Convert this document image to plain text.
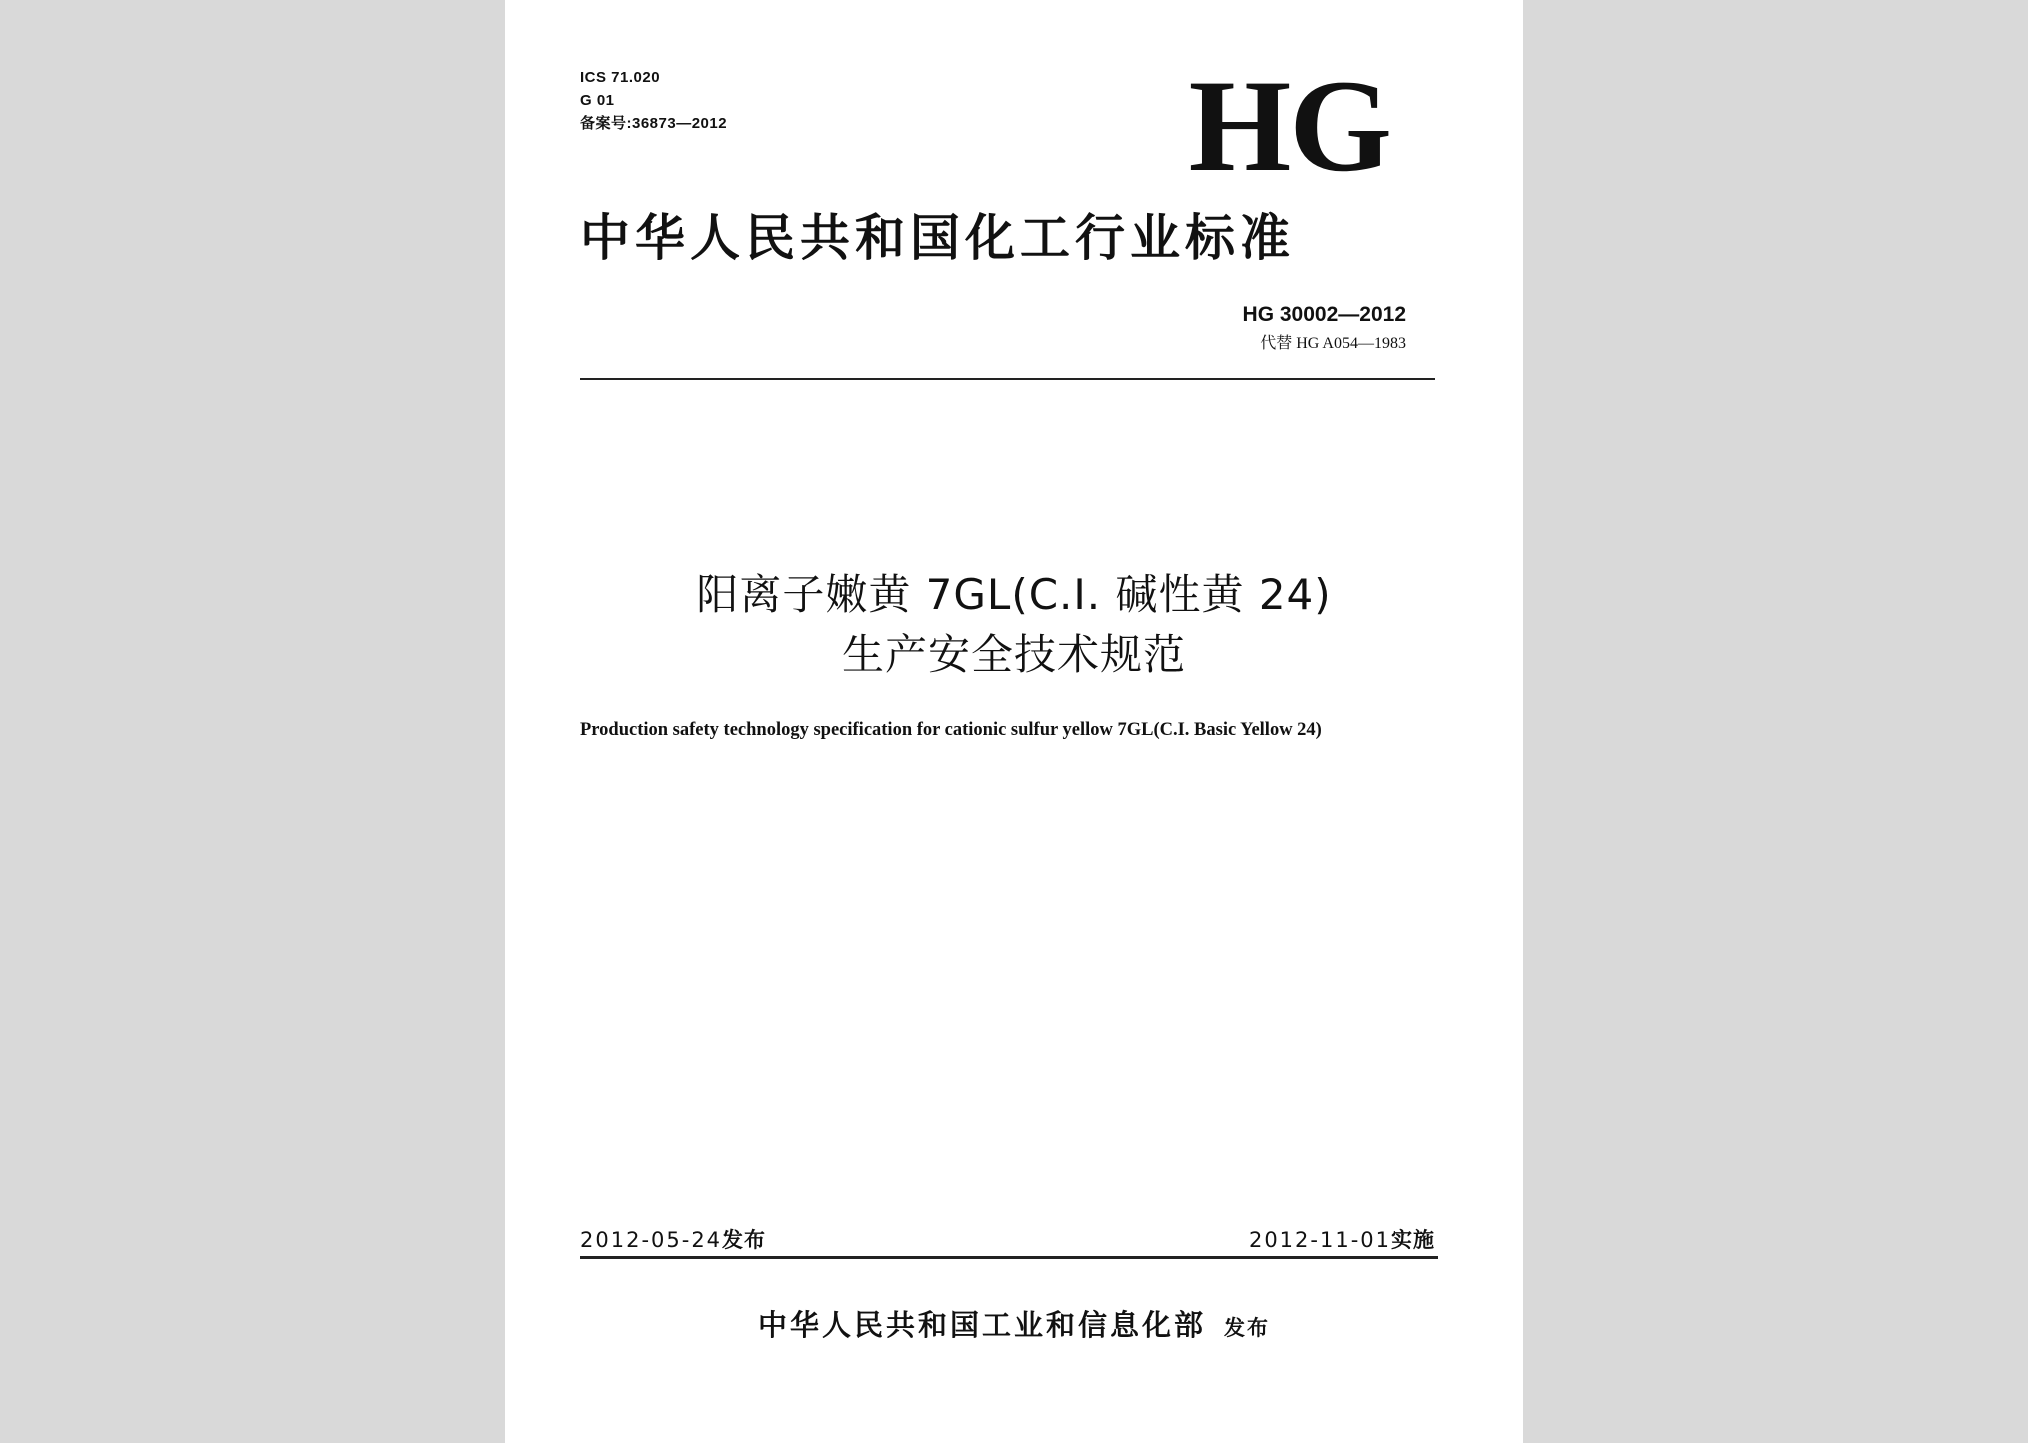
ICS 71.020
G 01
备案号:36873—2012	HG
中华人民共和国化工行业标准
HG 30002—2012
代替 HG A054—1983
阳离子嫩黄 7GL(C.I. 碱性黄 24)
生产安全技术规范
Production safety technology specification for cationic sulfur yellow 7GL(C.I. Basic Yellow 24)
2012-05-24发布	2012-11-01实施
中华人民共和国工业和信息化部 发布
